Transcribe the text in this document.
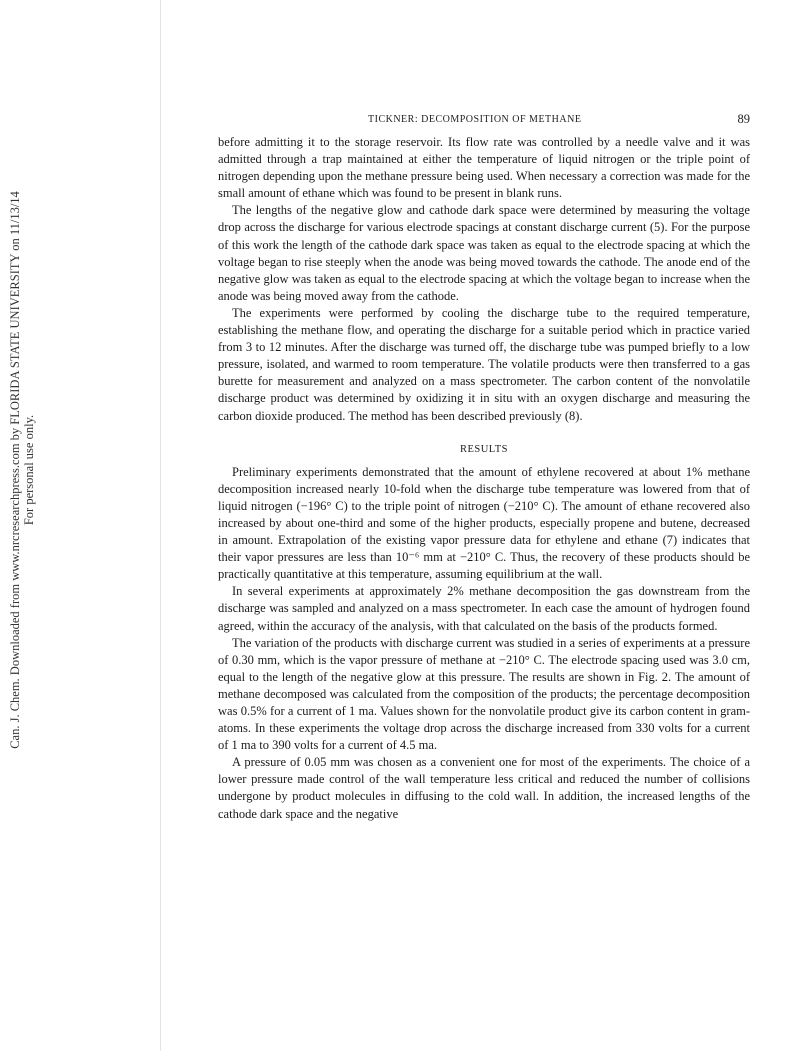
Can. J. Chem. Downloaded from www.nrcresearchpress.com by FLORIDA STATE UNIVERSITY on 11/13/14 For personal use only.
TICKNER: DECOMPOSITION OF METHANE	89

before admitting it to the storage reservoir. Its flow rate was controlled by a needle valve and it was admitted through a trap maintained at either the temperature of liquid nitrogen or the triple point of nitrogen depending upon the methane pressure being used. When necessary a correction was made for the small amount of ethane which was found to be present in blank runs.

The lengths of the negative glow and cathode dark space were determined by measuring the voltage drop across the discharge for various electrode spacings at constant discharge current (5). For the purpose of this work the length of the cathode dark space was taken as equal to the electrode spacing at which the voltage began to rise steeply when the anode was being moved towards the cathode. The anode end of the negative glow was taken as equal to the electrode spacing at which the voltage began to increase when the anode was being moved away from the cathode.

The experiments were performed by cooling the discharge tube to the required temperature, establishing the methane flow, and operating the discharge for a suitable period which in practice varied from 3 to 12 minutes. After the discharge was turned off, the discharge tube was pumped briefly to a low pressure, isolated, and warmed to room temperature. The volatile products were then transferred to a gas burette for measurement and analyzed on a mass spectrometer. The carbon content of the nonvolatile discharge product was determined by oxidizing it in situ with an oxygen discharge and measuring the carbon dioxide produced. The method has been described previously (8).

RESULTS

Preliminary experiments demonstrated that the amount of ethylene recovered at about 1% methane decomposition increased nearly 10-fold when the discharge tube temperature was lowered from that of liquid nitrogen (−196° C) to the triple point of nitrogen (−210° C). The amount of ethane recovered also increased by about one-third and some of the higher products, especially propene and butene, decreased in amount. Extrapolation of the existing vapor pressure data for ethylene and ethane (7) indicates that their vapor pressures are less than 10⁻⁶ mm at −210° C. Thus, the recovery of these products should be practically quantitative at this temperature, assuming equilibrium at the wall.

In several experiments at approximately 2% methane decomposition the gas downstream from the discharge was sampled and analyzed on a mass spectrometer. In each case the amount of hydrogen found agreed, within the accuracy of the analysis, with that calculated on the basis of the products formed.

The variation of the products with discharge current was studied in a series of experiments at a pressure of 0.30 mm, which is the vapor pressure of methane at −210° C. The electrode spacing used was 3.0 cm, equal to the length of the negative glow at this pressure. The results are shown in Fig. 2. The amount of methane decomposed was calculated from the composition of the products; the percentage decomposition was 0.5% for a current of 1 ma. Values shown for the nonvolatile product give its carbon content in gram-atoms. In these experiments the voltage drop across the discharge increased from 330 volts for a current of 1 ma to 390 volts for a current of 4.5 ma.

A pressure of 0.05 mm was chosen as a convenient one for most of the experiments. The choice of a lower pressure made control of the wall temperature less critical and reduced the number of collisions undergone by product molecules in diffusing to the cold wall. In addition, the increased lengths of the cathode dark space and the negative
